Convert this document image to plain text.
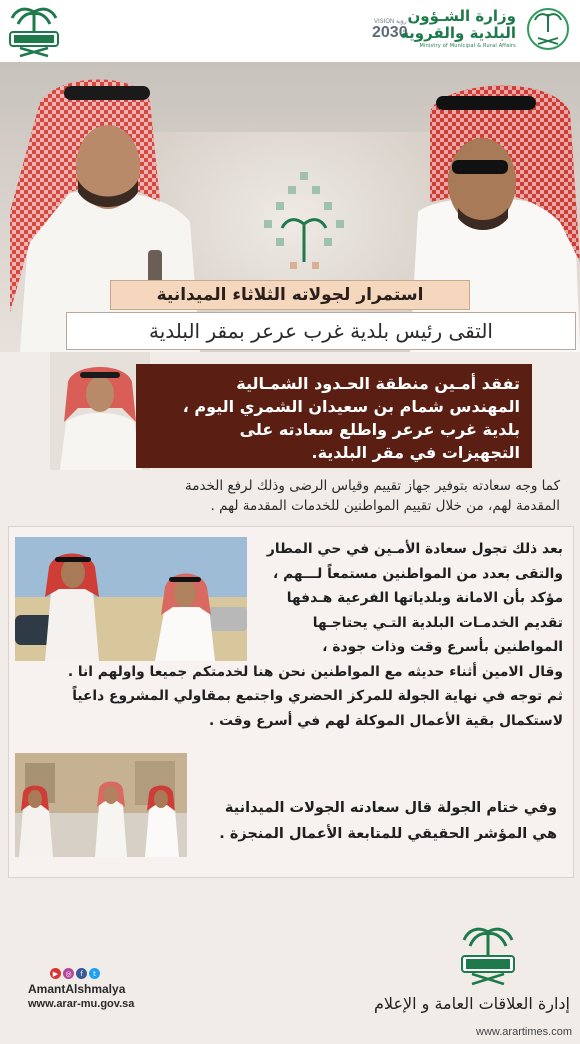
VISION رؤية
2030
وزارة الشـؤون
البلدية والقروية
Ministry of Municipal & Rural Affairs
استمرار لجولاته الثلاثاء الميدانية
التقى رئيس بلدية غرب عرعر بمقر البلدية

تفقد أمـين منطقة الحـدود الشمـالية

المهندس شمام بن سعيدان الشمري اليوم ،

بلدية غرب عرعر واطلع سعادته على

التجهيزات في مقر البلدية.

كما وجه سعادته بتوفير جهاز تقييم وقياس الرضى وذلك لرفع الخدمة
المقدمة لهم، من خلال تقييم المواطنين للخدمات المقدمة لهم .
بعد ذلك تجول سعادة الأمـين في حي المطار
والتقى بعدد من المواطنين مستمعاً لـــهم ،
مؤكد بأن الامانة وبلدياتها الفرعية هـدفها
تقديم الخدمـات البلدية التـي يحتاجـها
المواطنين بأسرع وقت وذات جودة ،
وقال الامين أثناء حديثه مع المواطنين نحن هنا لخدمتكم جميعا واولهم انا .
ثم توجه في نهاية الجولة للمركز الحضري واجتمع بمقاولي المشروع داعياً
لاستكمال بقية الأعمال الموكلة لهم في أسرع وقت .
وفي ختام الجولة قال سعادته الجولات الميدانية
هي المؤشر الحقيقي للمتابعة الأعمال المنجزة .
▶	◎	f	t
AmantAlshmalya
www.arar-mu.gov.sa	إدارة العلاقات العامة و الإعلام
www.arartimes.com
